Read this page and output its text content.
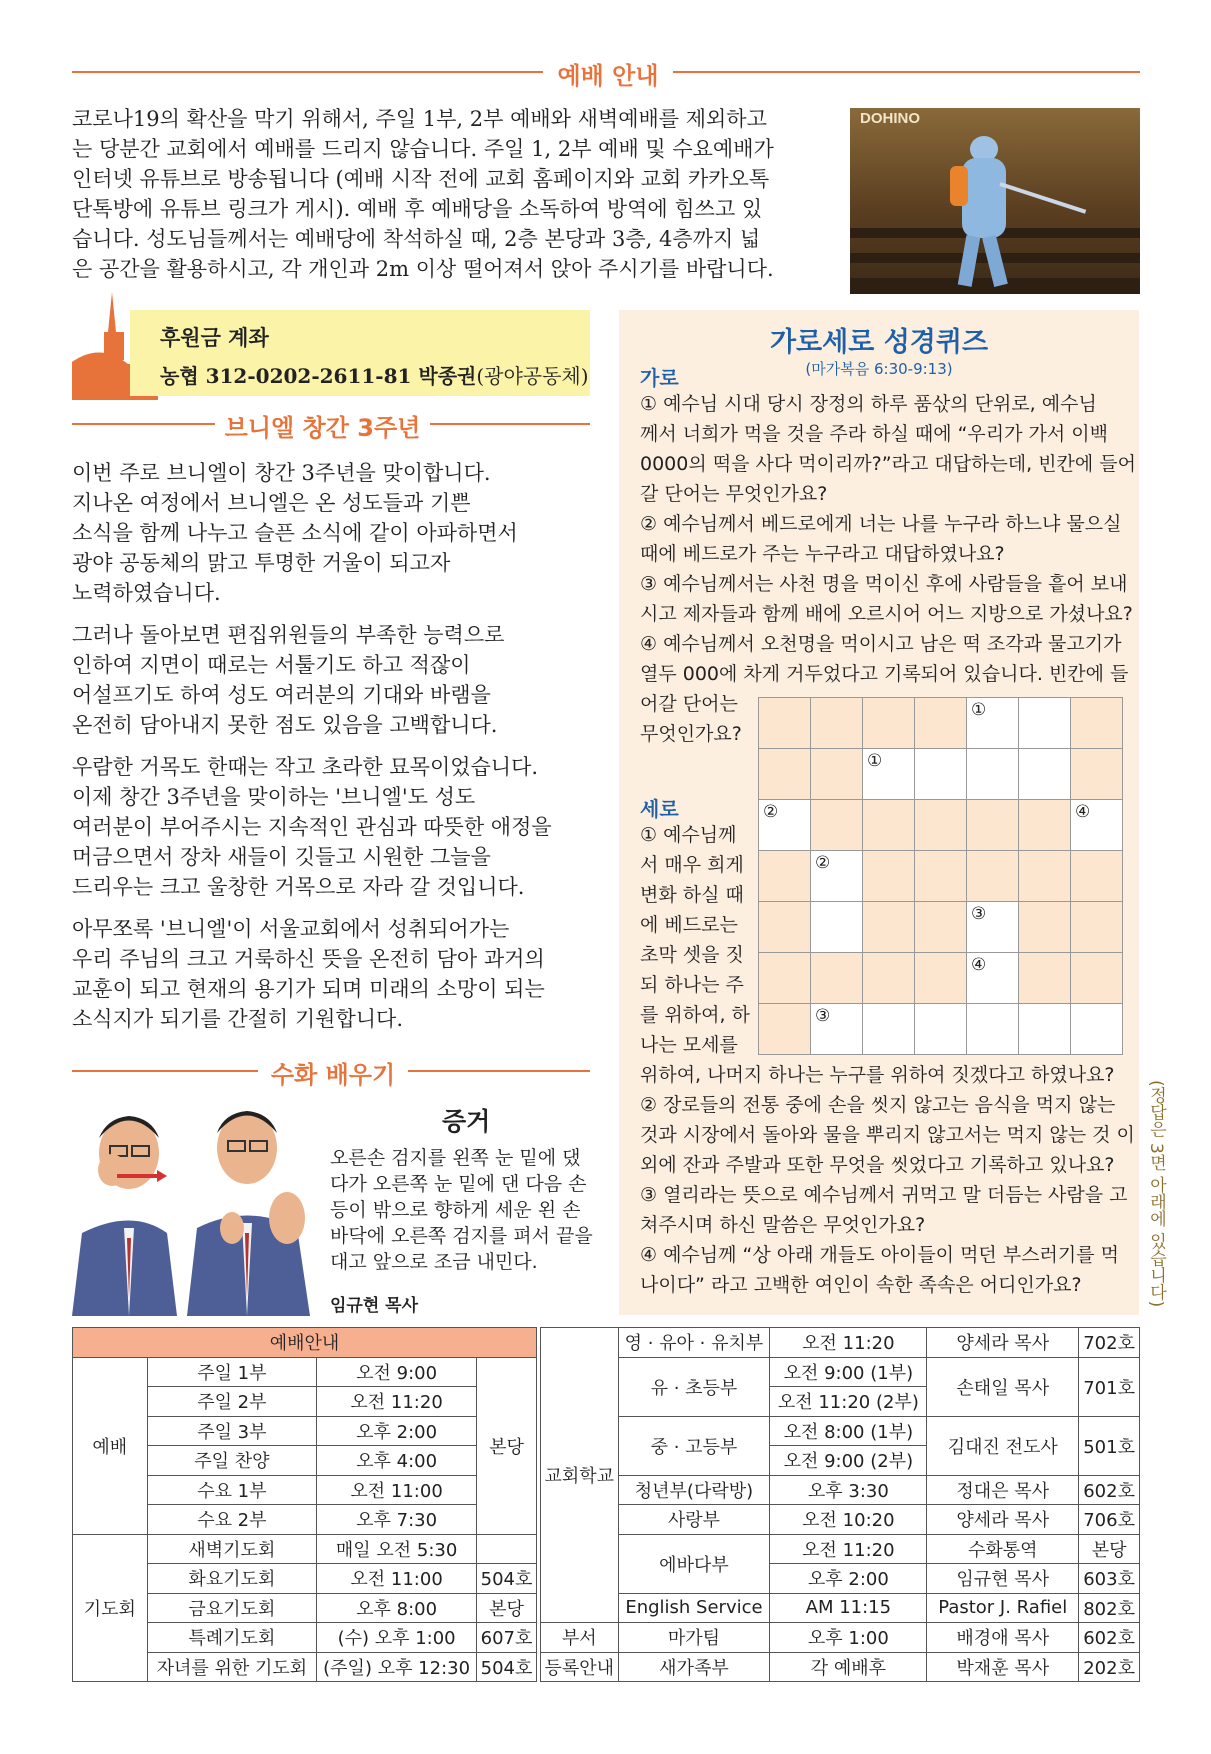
예배 안내
코로나19의 확산을 막기 위해서, 주일 1부, 2부 예배와 새벽예배를 제외하고
는 당분간 교회에서 예배를 드리지 않습니다. 주일 1, 2부 예배 및 수요예배가
인터넷 유튜브로 방송됩니다 (예배 시작 전에 교회 홈페이지와 교회 카카오톡
단톡방에 유튜브 링크가 게시). 예배 후 예배당을 소독하여 방역에 힘쓰고 있
습니다. 성도님들께서는 예배당에 착석하실 때, 2층 본당과 3층, 4층까지 넓
은 공간을 활용하시고, 각 개인과 2m 이상 떨어져서 앉아 주시기를 바랍니다.
DOHINO
후원금 계좌
농협 312-0202-2611-81 박종권(광야공동체)
브니엘 창간 3주년
이번 주로 브니엘이 창간 3주년을 맞이합니다.
지나온 여정에서 브니엘은 온 성도들과 기쁜
소식을 함께 나누고 슬픈 소식에 같이 아파하면서
광야 공동체의 맑고 투명한 거울이 되고자
노력하였습니다.
그러나 돌아보면 편집위원들의 부족한 능력으로
인하여 지면이 때로는 서툴기도 하고 적잖이
어설프기도 하여 성도 여러분의 기대와 바램을
온전히 담아내지 못한 점도 있음을 고백합니다.
우람한 거목도 한때는 작고 초라한 묘목이었습니다.
이제 창간 3주년을 맞이하는 '브니엘'도 성도
여러분이 부어주시는 지속적인 관심과 따뜻한 애정을
머금으면서 장차 새들이 깃들고 시원한 그늘을
드리우는 크고 울창한 거목으로 자라 갈 것입니다.
아무쪼록 '브니엘'이 서울교회에서 성취되어가는
우리 주님의 크고 거룩하신 뜻을 온전히 담아 과거의
교훈이 되고 현재의 용기가 되며 미래의 소망이 되는
소식지가 되기를 간절히 기원합니다.
수화 배우기
증거
오른손 검지를 왼쪽 눈 밑에 댔
다가 오른쪽 눈 밑에 댄 다음 손
등이 밖으로 향하게 세운 왼 손
바닥에 오른쪽 검지를 펴서 끝을
대고 앞으로 조금 내민다.
임규현 목사
가로세로 성경퀴즈
(마가복음 6:30-9:13)
가로
① 예수님 시대 당시 장정의 하루 품삯의 단위로, 예수님
께서 너희가 먹을 것을 주라 하실 때에 “우리가 가서 이백
0000의 떡을 사다 먹이리까?”라고 대답하는데, 빈칸에 들어
갈 단어는 무엇인가요?
② 예수님께서 베드로에게 너는 나를 누구라 하느냐 물으실
때에 베드로가 주는 누구라고 대답하였나요?
③ 예수님께서는 사천 명을 먹이신 후에 사람들을 흩어 보내
시고 제자들과 함께 배에 오르시어 어느 지방으로 가셨나요?
④ 예수님께서 오천명을 먹이시고 남은 떡 조각과 물고기가
열두 000에 차게 거두었다고 기록되어 있습니다. 빈칸에 들
어갈 단어는
무엇인가요?
세로
① 예수님께
서 매우 희게
변화 하실 때
에 베드로는
초막 셋을 짓
되 하나는 주
를 위하여, 하
나는 모세를
위하여, 나머지 하나는 누구를 위하여 짓겠다고 하였나요?
② 장로들의 전통 중에 손을 씻지 않고는 음식을 먹지 않는
것과 시장에서 돌아와 물을 뿌리지 않고서는 먹지 않는 것 이
외에 잔과 주발과 또한 무엇을 씻었다고 기록하고 있나요?
③ 열리라는 뜻으로 예수님께서 귀먹고 말 더듬는 사람을 고
쳐주시며 하신 말씀은 무엇인가요?
④ 예수님께 “상 아래 개들도 아이들이 먹던 부스러기를 먹
나이다” 라고 고백한 여인이 속한 족속은 어디인가요?
				①		
		①				
②						④
	②					
				③		
				④		
	③					
(정답은 3면 아래에 있습니다)
예배안내			
예배	주일 1부	오전 9:00	본당
	주일 2부	오전 11:20	
	주일 3부	오후 2:00	
	주일 찬양	오후 4:00	
	수요 1부	오전 11:00	
	수요 2부	오후 7:30	
기도회	새벽기도회	매일 오전 5:30	
	화요기도회	오전 11:00	504호
	금요기도회	오후 8:00	본당
	특례기도회	(수) 오후 1:00	607호
	자녀를 위한 기도회	(주일) 오후 12:30	504호
교회학교	영 · 유아 · 유치부	오전 11:20	양세라 목사	702호
	유 · 초등부	오전 9:00 (1부)	손태일 목사	701호
		오전 11:20 (2부)		
	중 · 고등부	오전 8:00 (1부)	김대진 전도사	501호
		오전 9:00 (2부)		
	청년부(다락방)	오후 3:30	정대은 목사	602호
	사랑부	오전 10:20	양세라 목사	706호
	에바다부	오전 11:20	수화통역	본당
		오후 2:00	임규현 목사	603호
	English Service	AM 11:15	Pastor J. Rafiel	802호
부서	마가팀	오후 1:00	배경애 목사	602호
등록안내	새가족부	각 예배후	박재훈 목사	202호
